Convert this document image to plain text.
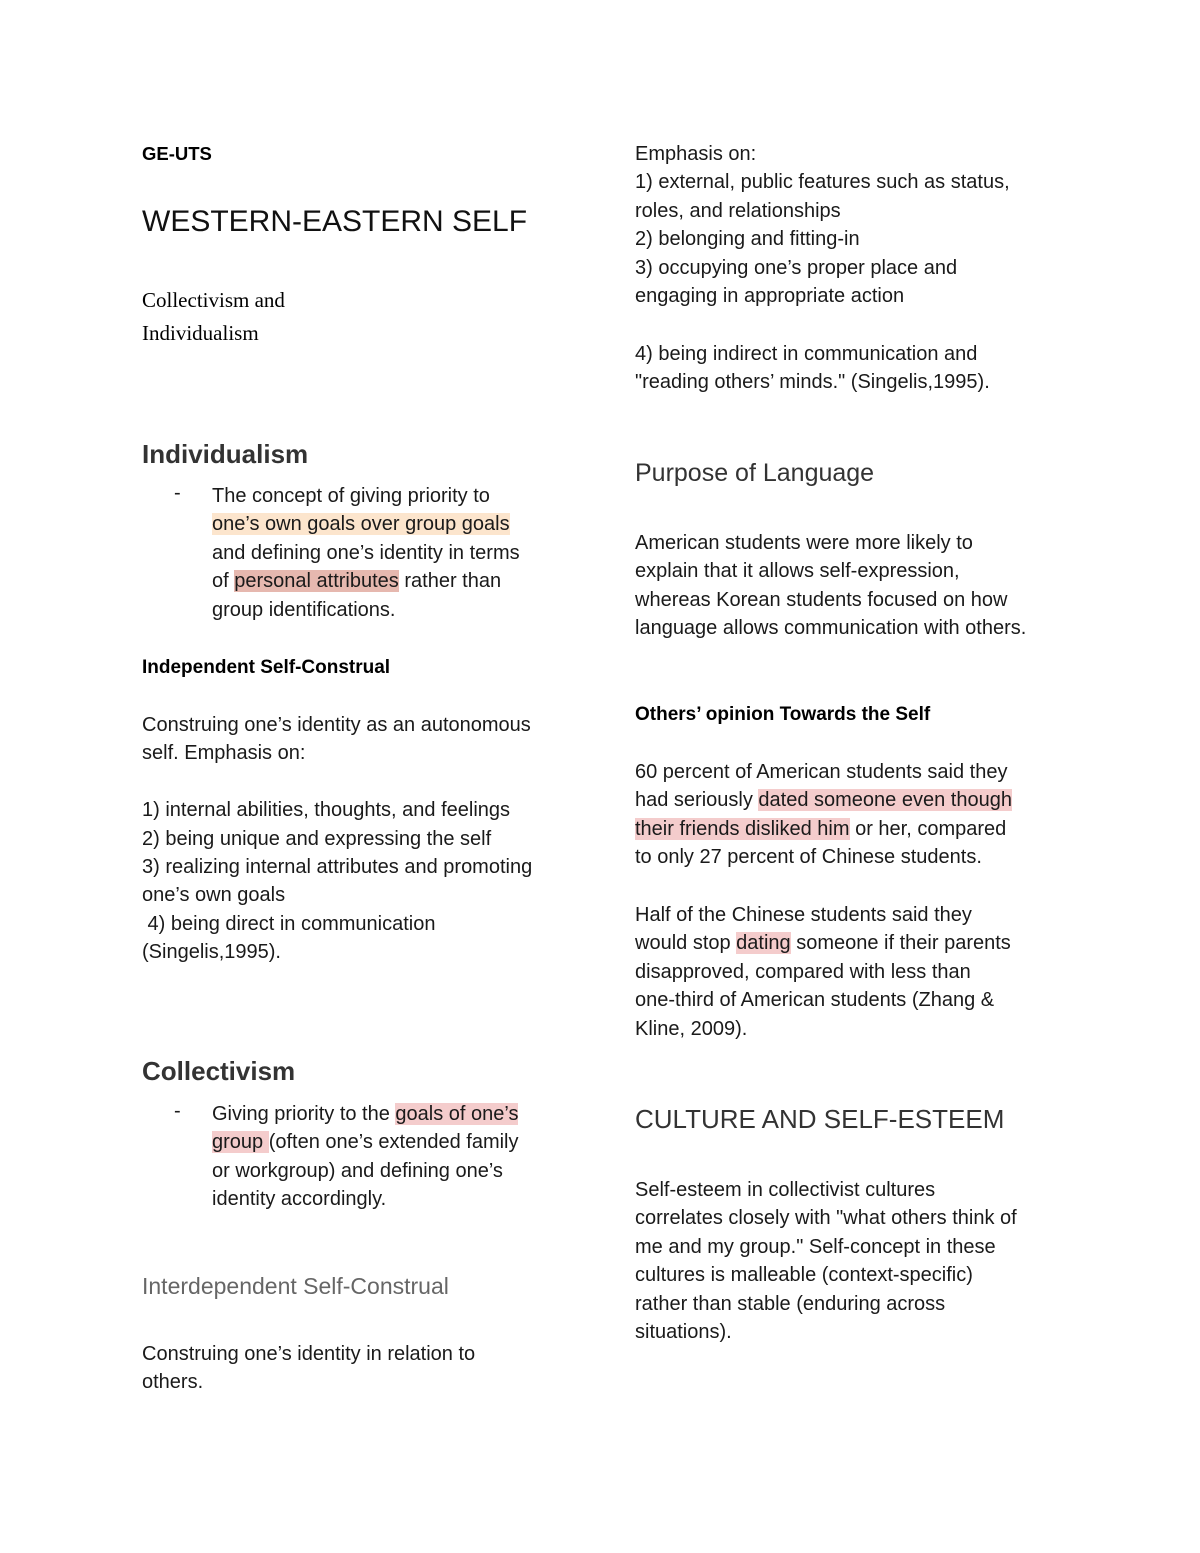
GE-UTS

WESTERN-EASTERN SELF

Collectivism and

Individualism

Individualism

- The concept of giving priority to
one’s own goals over group goals
and defining one’s identity in terms
of personal attributes rather than
group identifications.

Independent Self-Construal

Construing one’s identity as an autonomous
self. Emphasis on:
1) internal abilities, thoughts, and feelings
2) being unique and expressing the self
3) realizing internal attributes and promoting
one’s own goals
4) being direct in communication
(Singelis,1995).

Collectivism

- Giving priority to the goals of one’s
group (often one’s extended family
or workgroup) and defining one’s
identity accordingly.

Interdependent Self-Construal

Construing one’s identity in relation to
others.
Emphasis on:
1) external, public features such as status,
roles, and relationships
2) belonging and fitting-in
3) occupying one’s proper place and
engaging in appropriate action
4) being indirect in communication and
"reading others’ minds." (Singelis,1995).

Purpose of Language

American students were more likely to
explain that it allows self-expression,
whereas Korean students focused on how
language allows communication with others.

Others’ opinion Towards the Self

60 percent of American students said they
had seriously dated someone even though
their friends disliked him or her, compared
to only 27 percent of Chinese students.
Half of the Chinese students said they
would stop dating someone if their parents
disapproved, compared with less than
one-third of American students (Zhang &
Kline, 2009).

CULTURE AND SELF-ESTEEM

Self-esteem in collectivist cultures
correlates closely with "what others think of
me and my group." Self-concept in these
cultures is malleable (context-specific)
rather than stable (enduring across
situations).
